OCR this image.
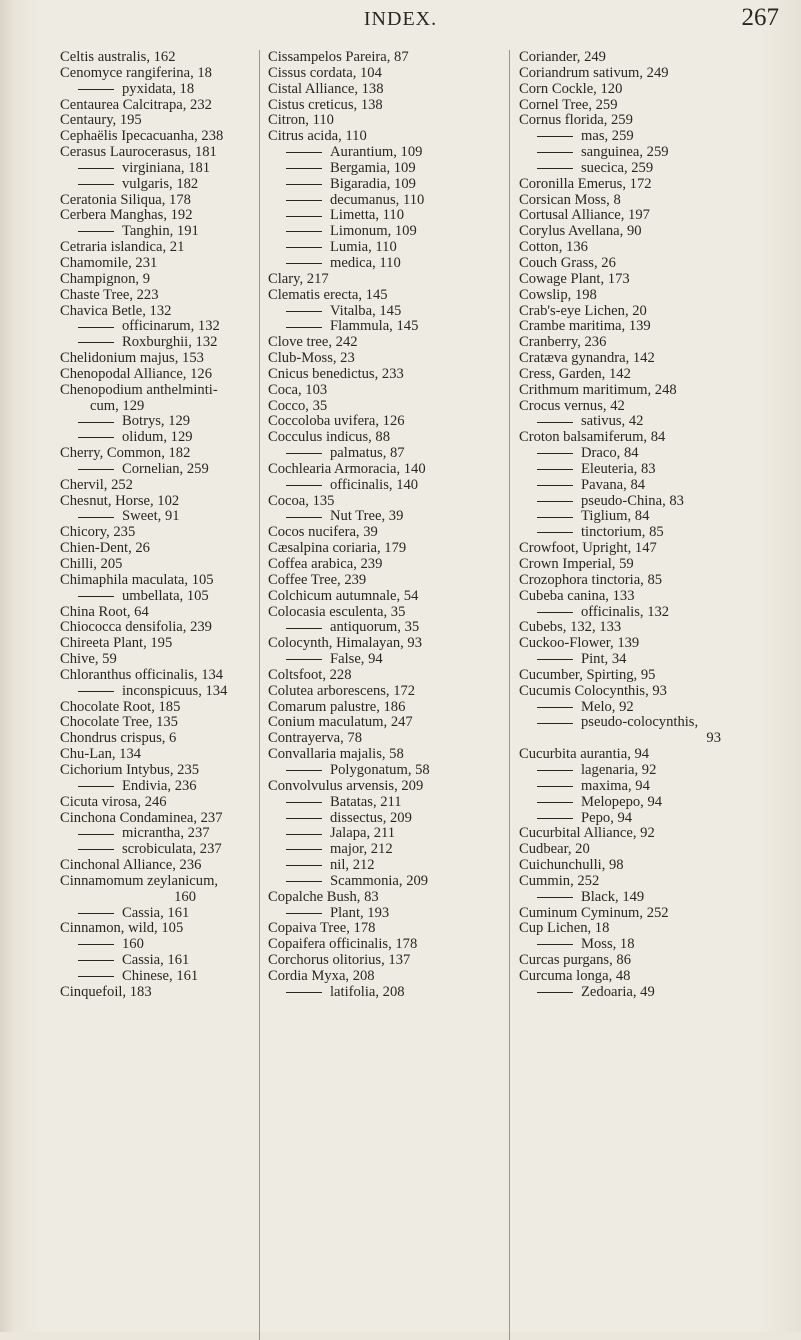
INDEX.	267
Celtis australis, 162
Cenomyce rangiferina, 18
pyxidata, 18
Centaurea Calcitrapa, 232
Centaury, 195
Cephaëlis Ipecacuanha, 238
Cerasus Laurocerasus, 181
virginiana, 181
vulgaris, 182
Ceratonia Siliqua, 178
Cerbera Manghas, 192
Tanghin, 191
Cetraria islandica, 21
Chamomile, 231
Champignon, 9
Chaste Tree, 223
Chavica Betle, 132
officinarum, 132
Roxburghii, 132
Chelidonium majus, 153
Chenopodal Alliance, 126
Chenopodium anthelminti-
cum, 129
Botrys, 129
olidum, 129
Cherry, Common, 182
Cornelian, 259
Chervil, 252
Chesnut, Horse, 102
Sweet, 91
Chicory, 235
Chien-Dent, 26
Chilli, 205
Chimaphila maculata, 105
umbellata, 105
China Root, 64
Chiococca densifolia, 239
Chireeta Plant, 195
Chive, 59
Chloranthus officinalis, 134
inconspicuus, 134
Chocolate Root, 185
Chocolate Tree, 135
Chondrus crispus, 6
Chu-Lan, 134
Cichorium Intybus, 235
Endivia, 236
Cicuta virosa, 246
Cinchona Condaminea, 237
micrantha, 237
scrobiculata, 237
Cinchonal Alliance, 236
Cinnamomum zeylanicum,
160
Cassia, 161
Cinnamon, wild, 105
160
Cassia, 161
Chinese, 161
Cinquefoil, 183
Cissampelos Pareira, 87
Cissus cordata, 104
Cistal Alliance, 138
Cistus creticus, 138
Citron, 110
Citrus acida, 110
Aurantium, 109
Bergamia, 109
Bigaradia, 109
decumanus, 110
Limetta, 110
Limonum, 109
Lumia, 110
medica, 110
Clary, 217
Clematis erecta, 145
Vitalba, 145
Flammula, 145
Clove tree, 242
Club-Moss, 23
Cnicus benedictus, 233
Coca, 103
Cocco, 35
Coccoloba uvifera, 126
Cocculus indicus, 88
palmatus, 87
Cochlearia Armoracia, 140
officinalis, 140
Cocoa, 135
Nut Tree, 39
Cocos nucifera, 39
Cæsalpina coriaria, 179
Coffea arabica, 239
Coffee Tree, 239
Colchicum autumnale, 54
Colocasia esculenta, 35
antiquorum, 35
Colocynth, Himalayan, 93
False, 94
Coltsfoot, 228
Colutea arborescens, 172
Comarum palustre, 186
Conium maculatum, 247
Contrayerva, 78
Convallaria majalis, 58
Polygonatum, 58
Convolvulus arvensis, 209
Batatas, 211
dissectus, 209
Jalapa, 211
major, 212
nil, 212
Scammonia, 209
Copalche Bush, 83
Plant, 193
Copaiva Tree, 178
Copaifera officinalis, 178
Corchorus olitorius, 137
Cordia Myxa, 208
latifolia, 208
Coriander, 249
Coriandrum sativum, 249
Corn Cockle, 120
Cornel Tree, 259
Cornus florida, 259
mas, 259
sanguinea, 259
suecica, 259
Coronilla Emerus, 172
Corsican Moss, 8
Cortusal Alliance, 197
Corylus Avellana, 90
Cotton, 136
Couch Grass, 26
Cowage Plant, 173
Cowslip, 198
Crab's-eye Lichen, 20
Crambe maritima, 139
Cranberry, 236
Cratæva gynandra, 142
Cress, Garden, 142
Crithmum maritimum, 248
Crocus vernus, 42
sativus, 42
Croton balsamiferum, 84
Draco, 84
Eleuteria, 83
Pavana, 84
pseudo-China, 83
Tiglium, 84
tinctorium, 85
Crowfoot, Upright, 147
Crown Imperial, 59
Crozophora tinctoria, 85
Cubeba canina, 133
officinalis, 132
Cubebs, 132, 133
Cuckoo-Flower, 139
Pint, 34
Cucumber, Spirting, 95
Cucumis Colocynthis, 93
Melo, 92
pseudo-colocynthis,
93
Cucurbita aurantia, 94
lagenaria, 92
maxima, 94
Melopepo, 94
Pepo, 94
Cucurbital Alliance, 92
Cudbear, 20
Cuichunchulli, 98
Cummin, 252
Black, 149
Cuminum Cyminum, 252
Cup Lichen, 18
Moss, 18
Curcas purgans, 86
Curcuma longa, 48
Zedoaria, 49
